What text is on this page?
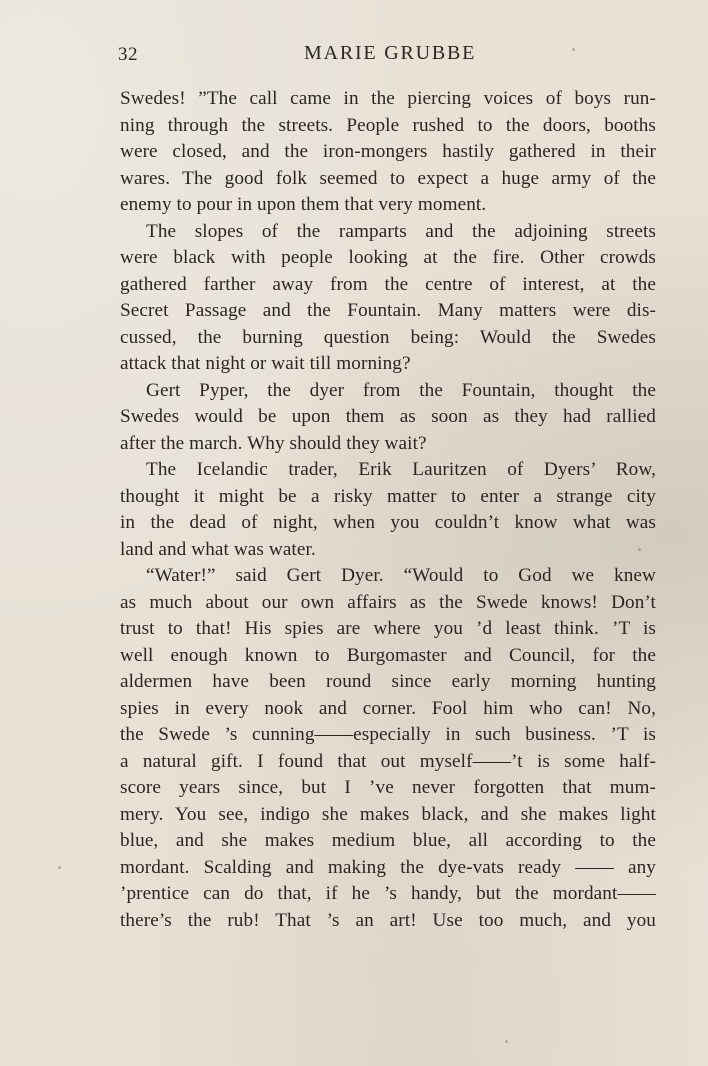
32	MARIE GRUBBE
Swedes! ”The call came in the piercing voices of boys run-
ning through the streets. People rushed to the doors, booths
were closed, and the iron-mongers hastily gathered in their
wares. The good folk seemed to expect a huge army of the
enemy to pour in upon them that very moment.
The slopes of the ramparts and the adjoining streets
were black with people looking at the fire. Other crowds
gathered farther away from the centre of interest, at the
Secret Passage and the Fountain. Many matters were dis-
cussed, the burning question being: Would the Swedes
attack that night or wait till morning?
Gert Pyper, the dyer from the Fountain, thought the
Swedes would be upon them as soon as they had rallied
after the march. Why should they wait?
The Icelandic trader, Erik Lauritzen of Dyers’ Row,
thought it might be a risky matter to enter a strange city
in the dead of night, when you couldn’t know what was
land and what was water.
“Water!” said Gert Dyer. “Would to God we knew
as much about our own affairs as the Swede knows! Don’t
trust to that! His spies are where you ’d least think. ’T is
well enough known to Burgomaster and Council, for the
aldermen have been round since early morning hunting
spies in every nook and corner. Fool him who can! No,
the Swede ’s cunning——especially in such business. ’T is
a natural gift. I found that out myself——’t is some half-
score years since, but I ’ve never forgotten that mum-
mery. You see, indigo she makes black, and she makes light
blue, and she makes medium blue, all according to the
mordant. Scalding and making the dye-vats ready —— any
’prentice can do that, if he ’s handy, but the mordant——
there’s the rub! That ’s an art! Use too much, and you
